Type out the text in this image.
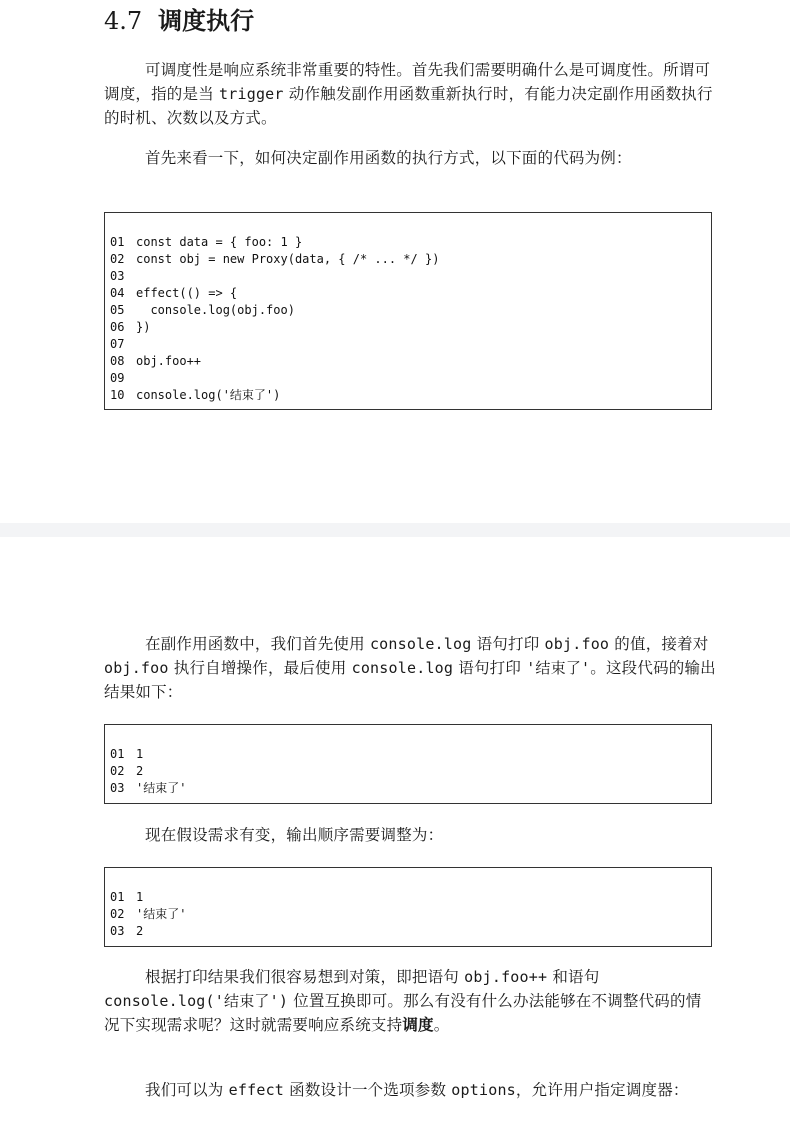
4.7 调度执行

可调度性是响应系统非常重要的特性。首先我们需要明确什么是可调度性。所谓可调度，指的是当 trigger 动作触发副作用函数重新执行时，有能力决定副作用函数执行的时机、次数以及方式。

首先来看一下，如何决定副作用函数的执行方式，以下面的代码为例：

01 const data = { foo: 1 }
02 const obj = new Proxy(data, { /* ... */ })
03
04 effect(() => {
05  console.log(obj.foo)
06 })
07
08 obj.foo++
09
10 console.log('结束了')

在副作用函数中，我们首先使用 console.log 语句打印 obj.foo 的值，接着对 obj.foo 执行自增操作，最后使用 console.log 语句打印 '结束了'。这段代码的输出结果如下：

01 1
02 2
03 '结束了'

现在假设需求有变，输出顺序需要调整为：

01 1
02 '结束了'
03 2

根据打印结果我们很容易想到对策，即把语句 obj.foo++ 和语句 console.log('结束了') 位置互换即可。那么有没有什么办法能够在不调整代码的情况下实现需求呢？这时就需要响应系统支持调度。

我们可以为 effect 函数设计一个选项参数 options，允许用户指定调度器：
